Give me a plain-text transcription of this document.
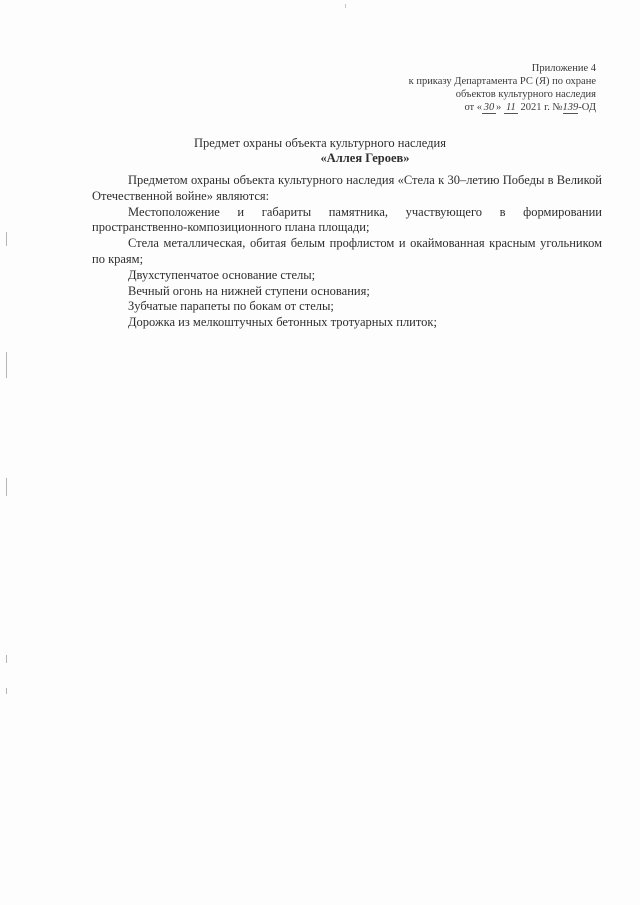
Приложение 4
к приказу Департамента РС (Я) по охране
объектов культурного наследия
от « 30 » 11 2021 г. №139-ОД
Предмет охраны объекта культурного наследия
«Аллея Героев»

Предметом охраны объекта культурного наследия «Стела к 30–летию Победы в Великой Отечественной войне» являются:

Местоположение и габариты памятника, участвующего в формировании пространственно-композиционного плана площади;

Стела металлическая, обитая белым профлистом и окаймованная красным угольником по краям;

Двухступенчатое основание стелы;

Вечный огонь на нижней ступени основания;

Зубчатые парапеты по бокам от стелы;

Дорожка из мелкоштучных бетонных тротуарных плиток;
